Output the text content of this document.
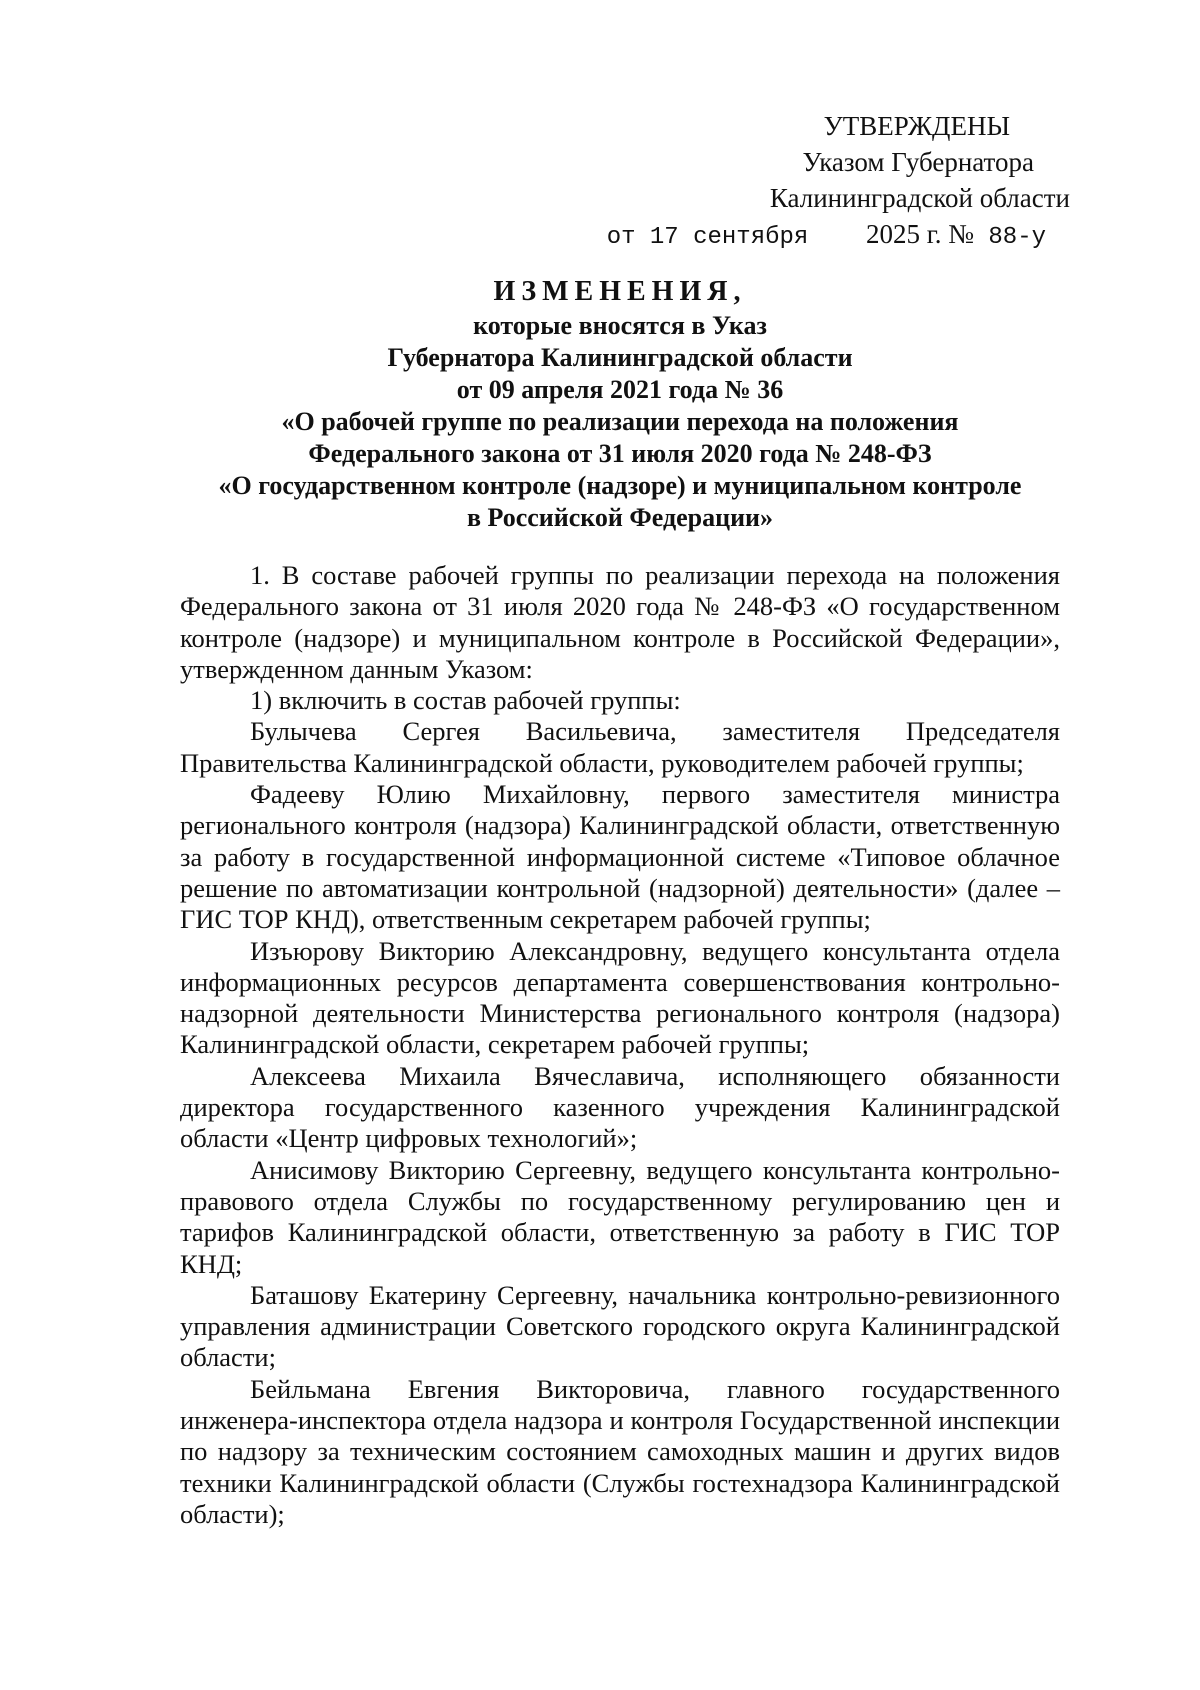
УТВЕРЖДЕНЫ
Указом Губернатора
Калининградской области
от 17 сентября 2025 г. № 88-у
ИЗМЕНЕНИЯ,
которые вносятся в Указ
Губернатора Калининградской области
от 09 апреля 2021 года № 36
«О рабочей группе по реализации перехода на положения
Федерального закона от 31 июля 2020 года № 248-ФЗ
«О государственном контроле (надзоре) и муниципальном контроле
в Российской Федерации»

1. В составе рабочей группы по реализации перехода на положения Федерального закона от 31 июля 2020 года № 248-ФЗ «О государственном контроле (надзоре) и муниципальном контроле в Российской Федерации», утвержденном данным Указом:

1) включить в состав рабочей группы:

Булычева Сергея Васильевича, заместителя Председателя Правительства Калининградской области, руководителем рабочей группы;

Фадееву Юлию Михайловну, первого заместителя министра регионального контроля (надзора) Калининградской области, ответственную за работу в государственной информационной системе «Типовое облачное решение по автоматизации контрольной (надзорной) деятельности» (далее – ГИС ТОР КНД), ответственным секретарем рабочей группы;

Изъюрову Викторию Александровну, ведущего консультанта отдела информационных ресурсов департамента совершенствования контрольно-надзорной деятельности Министерства регионального контроля (надзора) Калининградской области, секретарем рабочей группы;

Алексеева Михаила Вячеславича, исполняющего обязанности директора государственного казенного учреждения Калининградской области «Центр цифровых технологий»;

Анисимову Викторию Сергеевну, ведущего консультанта контрольно-правового отдела Службы по государственному регулированию цен и тарифов Калининградской области, ответственную за работу в ГИС ТОР КНД;

Баташову Екатерину Сергеевну, начальника контрольно-ревизионного управления администрации Советского городского округа Калининградской области;

Бейльмана Евгения Викторовича, главного государственного инженера-инспектора отдела надзора и контроля Государственной инспекции по надзору за техническим состоянием самоходных машин и других видов техники Калининградской области (Службы гостехнадзора Калининградской области);
